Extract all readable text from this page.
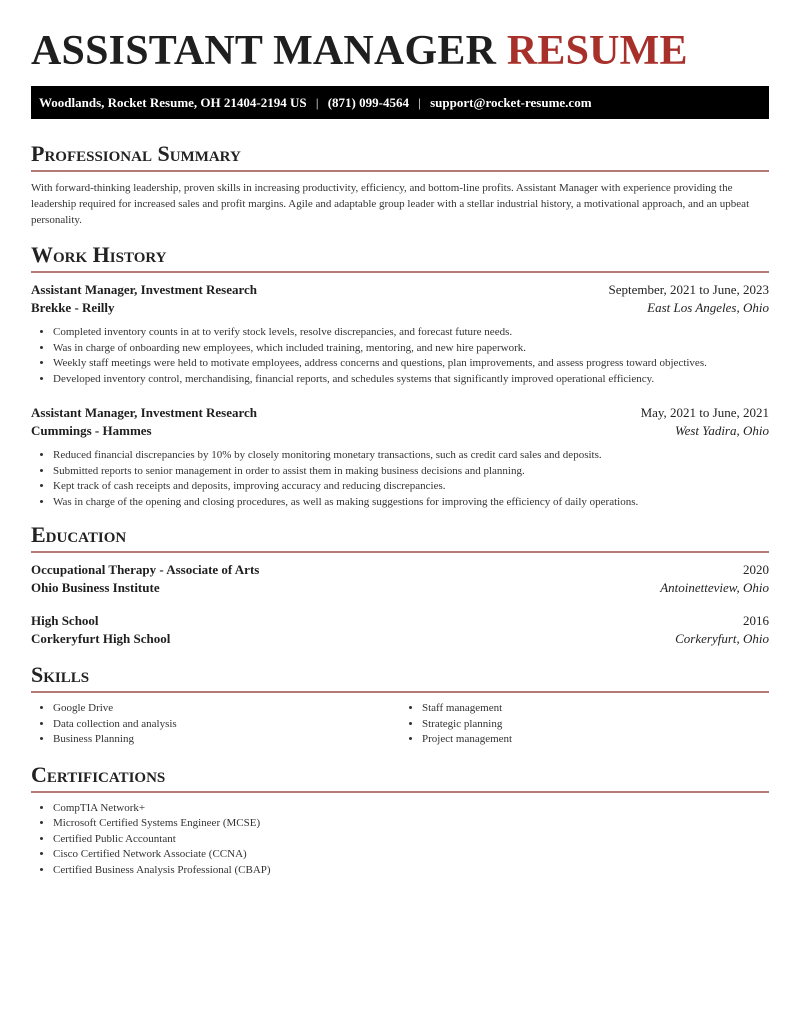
ASSISTANT MANAGER RESUME
Woodlands, Rocket Resume, OH 21404-2194 US | (871) 099-4564 | support@rocket-resume.com
Professional Summary

With forward-thinking leadership, proven skills in increasing productivity, efficiency, and bottom-line profits. Assistant Manager with experience providing the leadership required for increased sales and profit margins. Agile and adaptable group leader with a stellar industrial history, a motivational approach, and an upbeat personality.

Work History
Assistant Manager, Investment Research	September, 2021 to June, 2023
Brekke - Reilly	East Los Angeles, Ohio
• Completed inventory counts in at to verify stock levels, resolve discrepancies, and forecast future needs.
• Was in charge of onboarding new employees, which included training, mentoring, and new hire paperwork.
• Weekly staff meetings were held to motivate employees, address concerns and questions, plan improvements, and assess progress toward objectives.
• Developed inventory control, merchandising, financial reports, and schedules systems that significantly improved operational efficiency.
Assistant Manager, Investment Research	May, 2021 to June, 2021
Cummings - Hammes	West Yadira, Ohio
• Reduced financial discrepancies by 10% by closely monitoring monetary transactions, such as credit card sales and deposits.
• Submitted reports to senior management in order to assist them in making business decisions and planning.
• Kept track of cash receipts and deposits, improving accuracy and reducing discrepancies.
• Was in charge of the opening and closing procedures, as well as making suggestions for improving the efficiency of daily operations.
Education
Occupational Therapy - Associate of Arts	2020
Ohio Business Institute	Antoinetteview, Ohio
High School	2016
Corkeryfurt High School	Corkeryfurt, Ohio
Skills
• Google Drive
• Data collection and analysis
• Business Planning
• Staff management
• Strategic planning
• Project management
Certifications
• CompTIA Network+
• Microsoft Certified Systems Engineer (MCSE)
• Certified Public Accountant
• Cisco Certified Network Associate (CCNA)
• Certified Business Analysis Professional (CBAP)
